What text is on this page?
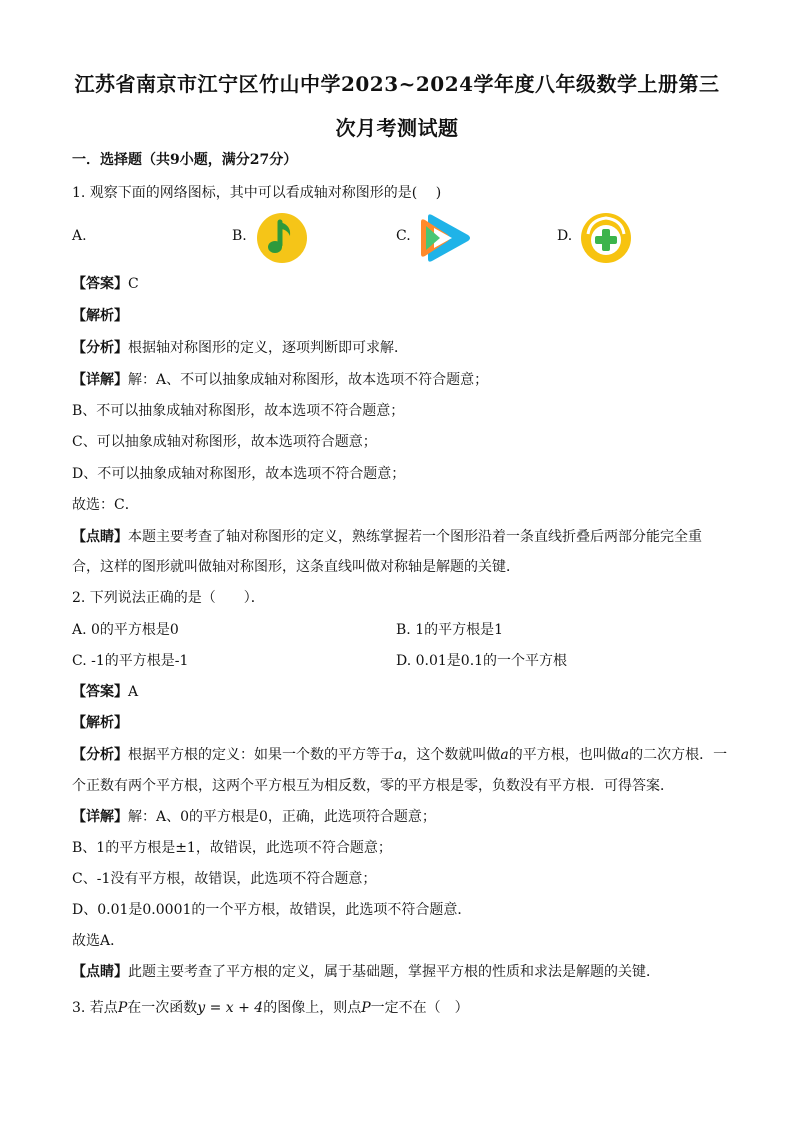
江苏省南京市江宁区竹山中学2023~2024学年度八年级数学上册第三
次月考测试题
一．选择题（共9小题，满分27分）
1. 观察下面的网络图标，其中可以看成轴对称图形的是(　 )
A.	B.	C.	D.
【答案】C
【解析】
【分析】根据轴对称图形的定义，逐项判断即可求解．
【详解】解：A、不可以抽象成轴对称图形，故本选项不符合题意；
B、不可以抽象成轴对称图形，故本选项不符合题意；
C、可以抽象成轴对称图形，故本选项符合题意；
D、不可以抽象成轴对称图形，故本选项不符合题意；
故选：C．
【点睛】本题主要考查了轴对称图形的定义，熟练掌握若一个图形沿着一条直线折叠后两部分能完全重
合，这样的图形就叫做轴对称图形，这条直线叫做对称轴是解题的关键．
2. 下列说法正确的是（　　）．
A. 0的平方根是0	B. 1的平方根是1
C. -1的平方根是-1	D. 0.01是0.1的一个平方根
【答案】A
【解析】
【分析】根据平方根的定义：如果一个数的平方等于a，这个数就叫做a的平方根，也叫做a的二次方根．一
个正数有两个平方根，这两个平方根互为相反数，零的平方根是零，负数没有平方根．可得答案．
【详解】解：A、0的平方根是0，正确，此选项符合题意；
B、1的平方根是±1，故错误，此选项不符合题意；
C、-1没有平方根，故错误，此选项不符合题意；
D、0.01是0.0001的一个平方根，故错误，此选项不符合题意．
故选A．
【点睛】此题主要考查了平方根的定义，属于基础题，掌握平方根的性质和求法是解题的关键．
3. 若点P在一次函数y = x + 4的图像上，则点P一定不在（　）
